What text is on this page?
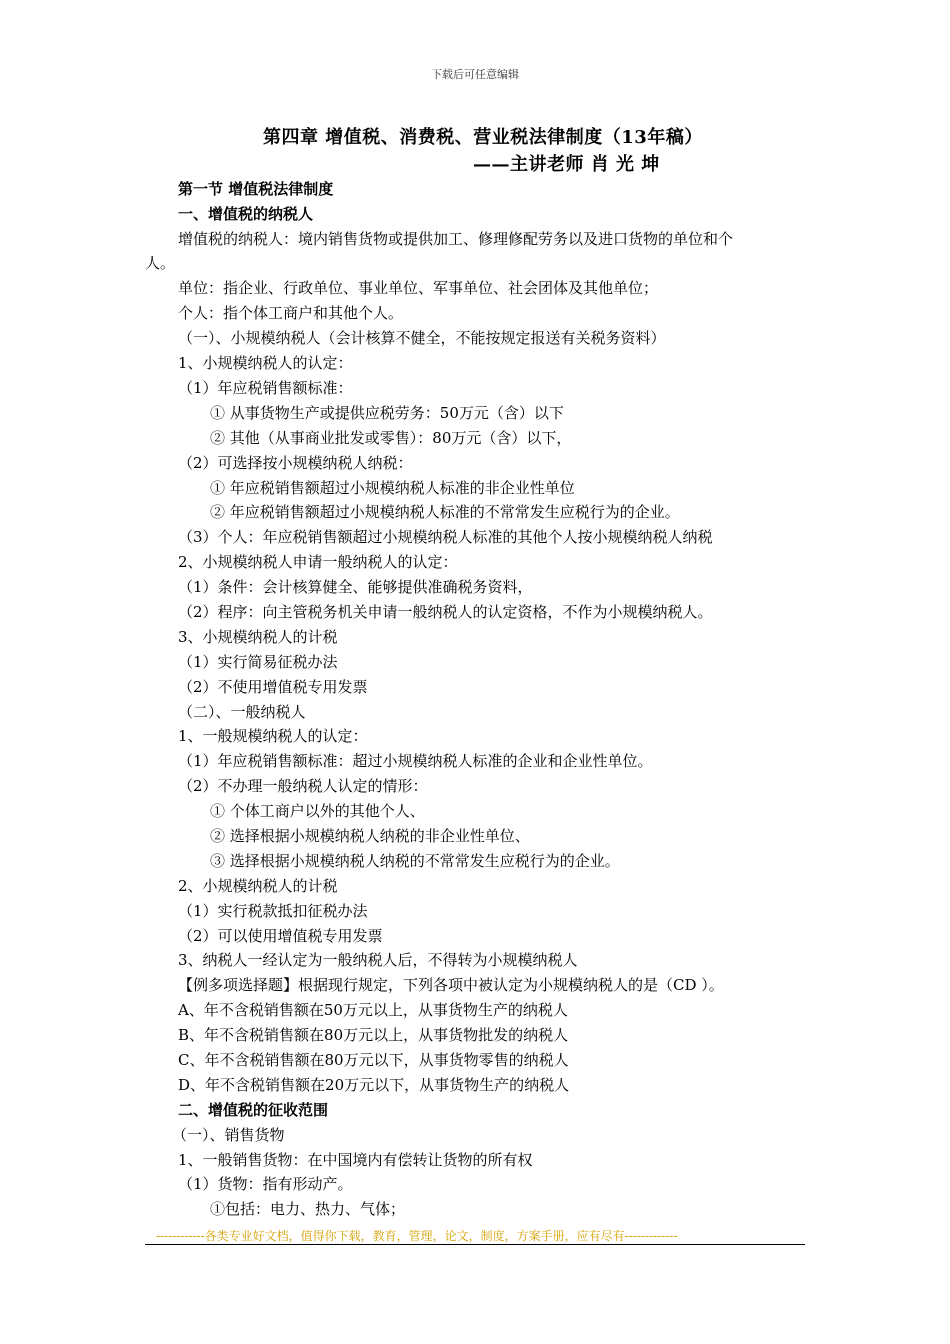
下载后可任意编辑
第四章 增值税、消费税、营业税法律制度（13年稿）
——主讲老师 肖 光 坤
第一节 增值税法律制度
一、增值税的纳税人
增值税的纳税人：境内销售货物或提供加工、修理修配劳务以及进口货物的单位和个
人。
单位：指企业、行政单位、事业单位、军事单位、社会团体及其他单位；
个人：指个体工商户和其他个人。
（一）、小规模纳税人（会计核算不健全，不能按规定报送有关税务资料）
1、小规模纳税人的认定：
（1）年应税销售额标准：
① 从事货物生产或提供应税劳务：50万元（含）以下
② 其他（从事商业批发或零售）：80万元（含）以下，
（2）可选择按小规模纳税人纳税：
① 年应税销售额超过小规模纳税人标准的非企业性单位
② 年应税销售额超过小规模纳税人标准的不常常发生应税行为的企业。
（3）个人：年应税销售额超过小规模纳税人标准的其他个人按小规模纳税人纳税
2、小规模纳税人申请一般纳税人的认定：
（1）条件：会计核算健全、能够提供准确税务资料，
（2）程序：向主管税务机关申请一般纳税人的认定资格，不作为小规模纳税人。
3、小规模纳税人的计税
（1）实行简易征税办法
（2）不使用增值税专用发票
（二）、一般纳税人
1、一般规模纳税人的认定：
（1）年应税销售额标准：超过小规模纳税人标准的企业和企业性单位。
（2）不办理一般纳税人认定的情形：
① 个体工商户以外的其他个人、
② 选择根据小规模纳税人纳税的非企业性单位、
③ 选择根据小规模纳税人纳税的不常常发生应税行为的企业。
2、小规模纳税人的计税
（1）实行税款抵扣征税办法
（2）可以使用增值税专用发票
3、纳税人一经认定为一般纳税人后，不得转为小规模纳税人
【例多项选择题】根据现行规定，下列各项中被认定为小规模纳税人的是（CD ）。
A、年不含税销售额在50万元以上，从事货物生产的纳税人
B、年不含税销售额在80万元以上，从事货物批发的纳税人
C、年不含税销售额在80万元以下，从事货物零售的纳税人
D、年不含税销售额在20万元以下，从事货物生产的纳税人
二、增值税的征收范围
（一）、销售货物
1、一般销售货物：在中国境内有偿转让货物的所有权
（1）货物：指有形动产。
①包括：电力、热力、气体；
------------各类专业好文档，值得你下载，教育，管理，论文，制度，方案手册，应有尽有-------------
